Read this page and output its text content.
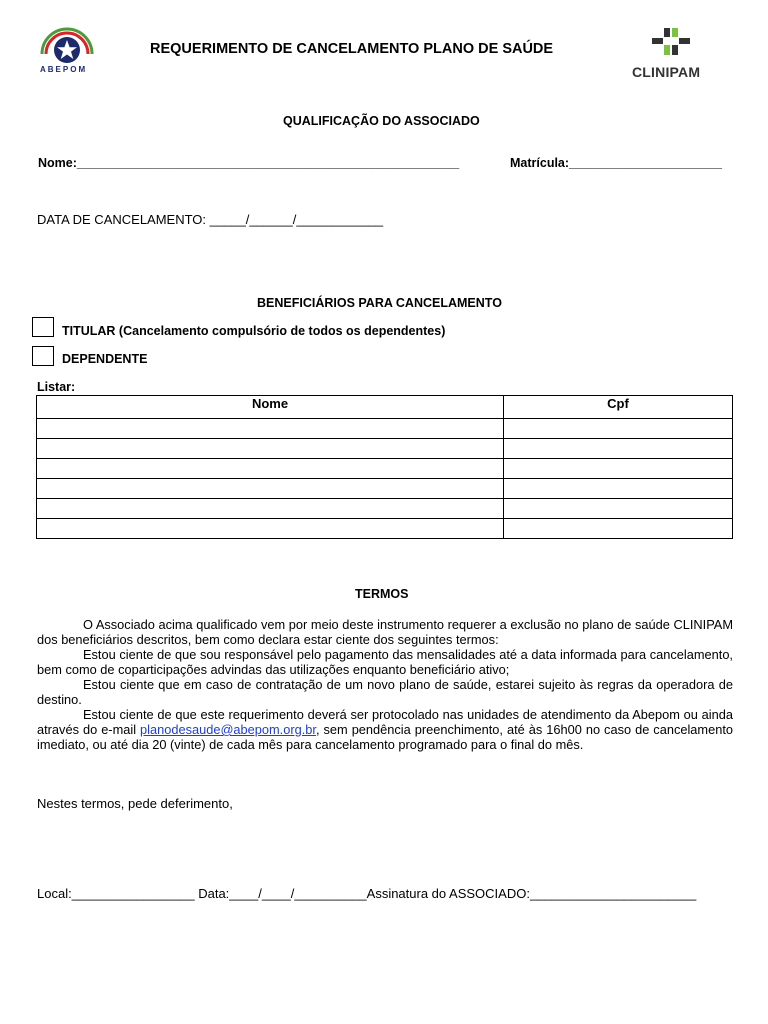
ABEPOM
REQUERIMENTO DE CANCELAMENTO PLANO DE SAÚDE
CLINIPAM
QUALIFICAÇÃO DO ASSOCIADO
Nome:_______________________________________________________	Matrícula:______________________
DATA DE CANCELAMENTO: _____/______/____________
BENEFICIÁRIOS PARA CANCELAMENTO
TITULAR (Cancelamento compulsório de todos os dependentes)
DEPENDENTE
Listar:
Nome	Cpf

TERMOS

O Associado acima qualificado vem por meio deste instrumento requerer a exclusão no plano de saúde CLINIPAM dos beneficiários descritos, bem como declara estar ciente dos seguintes termos:

Estou ciente de que sou responsável pelo pagamento das mensalidades até a data informada para cancelamento, bem como de coparticipações advindas das utilizações enquanto beneficiário ativo;

Estou ciente que em caso de contratação de um novo plano de saúde, estarei sujeito às regras da operadora de destino.

Estou ciente de que este requerimento deverá ser protocolado nas unidades de atendimento da Abepom ou ainda através do e-mail planodesaude@abepom.org.br, sem pendência preenchimento, até às 16h00 no caso de cancelamento imediato, ou até dia 20 (vinte) de cada mês para cancelamento programado para o final do mês.

Nestes termos, pede deferimento,
Local:_________________ Data:____/____/__________Assinatura do ASSOCIADO:_______________________
